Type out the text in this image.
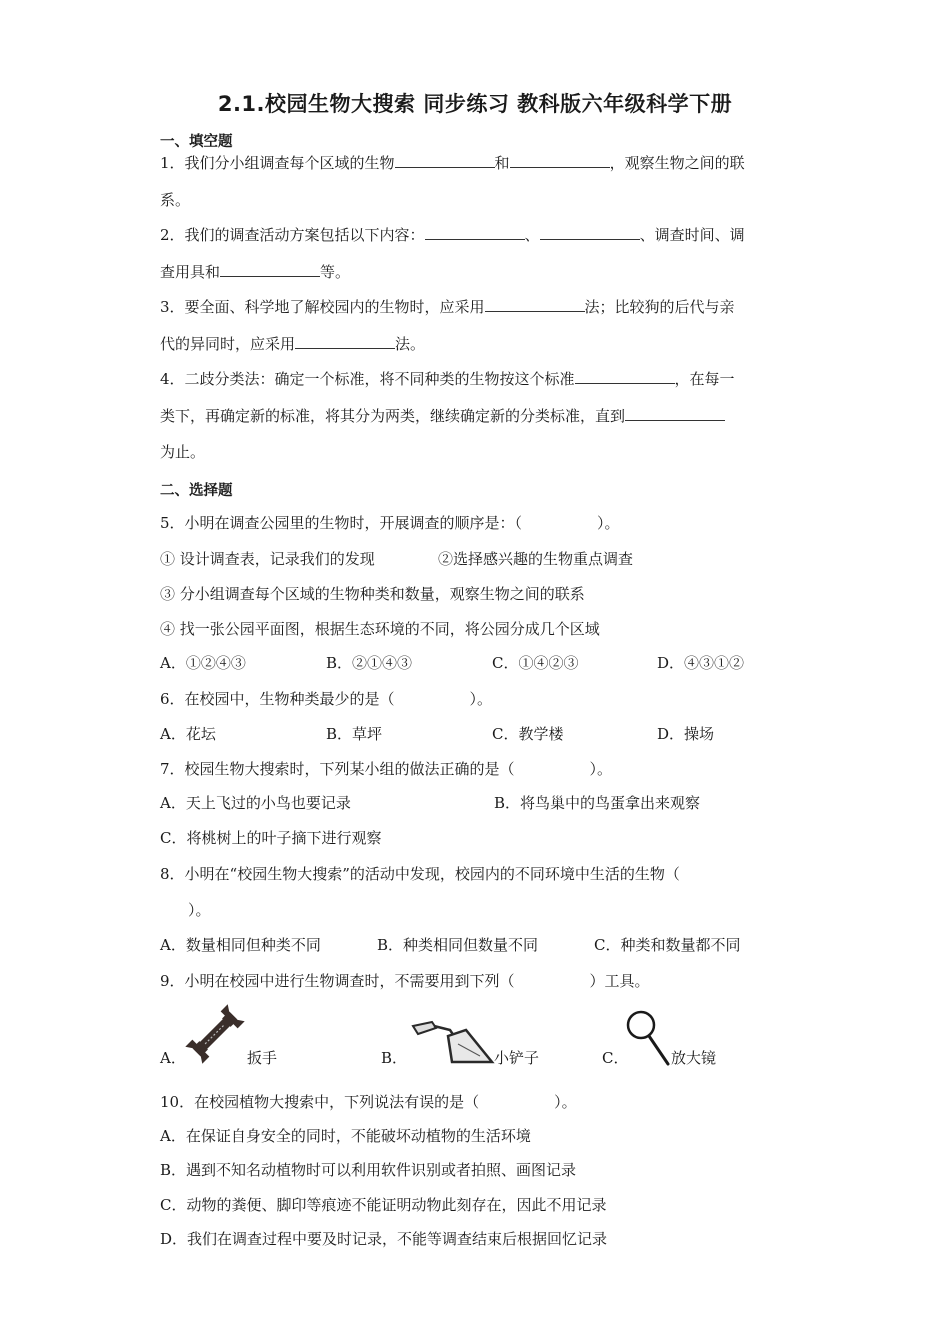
2.1.校园生物大搜索 同步练习 教科版六年级科学下册
一、填空题
1．我们分小组调查每个区域的生物	和	，观察生物之间的联
系。
2．我们的调查活动方案包括以下内容：	、	、调查时间、调
查用具和	等。
3．要全面、科学地了解校园内的生物时，应采用	法；比较狗的后代与亲
代的异同时，应采用	法。
4．二歧分类法：确定一个标准，将不同种类的生物按这个标准	，在每一
类下，再确定新的标准，将其分为两类，继续确定新的分类标准，直到
为止。
二、选择题
5．小明在调查公园里的生物时，开展调查的顺序是：（	）。
① 设计调查表，记录我们的发现	②选择感兴趣的生物重点调查
③ 分小组调查每个区域的生物种类和数量，观察生物之间的联系
④ 找一张公园平面图，根据生态环境的不同，将公园分成几个区域
A．①②④③	B．②①④③	C．①④②③	D．④③①②
6．在校园中，生物种类最少的是（	）。
A．花坛	B．草坪	C．教学楼	D．操场
7．校园生物大搜索时，下列某小组的做法正确的是（	）。
A．天上飞过的小鸟也要记录	B．将鸟巢中的鸟蛋拿出来观察
C．将桃树上的叶子摘下进行观察
8．小明在“校园生物大搜索”的活动中发现，校园内的不同环境中生活的生物（
）。
A．数量相同但种类不同	B．种类相同但数量不同	C．种类和数量都不同
9．小明在校园中进行生物调查时，不需要用到下列（	）工具。
A．	扳手	B．	小铲子	C．	放大镜
10．在校园植物大搜索中，下列说法有误的是（	）。
A．在保证自身安全的同时，不能破坏动植物的生活环境
B．遇到不知名动植物时可以利用软件识别或者拍照、画图记录
C．动物的粪便、脚印等痕迹不能证明动物此刻存在，因此不用记录
D．我们在调查过程中要及时记录，不能等调查结束后根据回忆记录
